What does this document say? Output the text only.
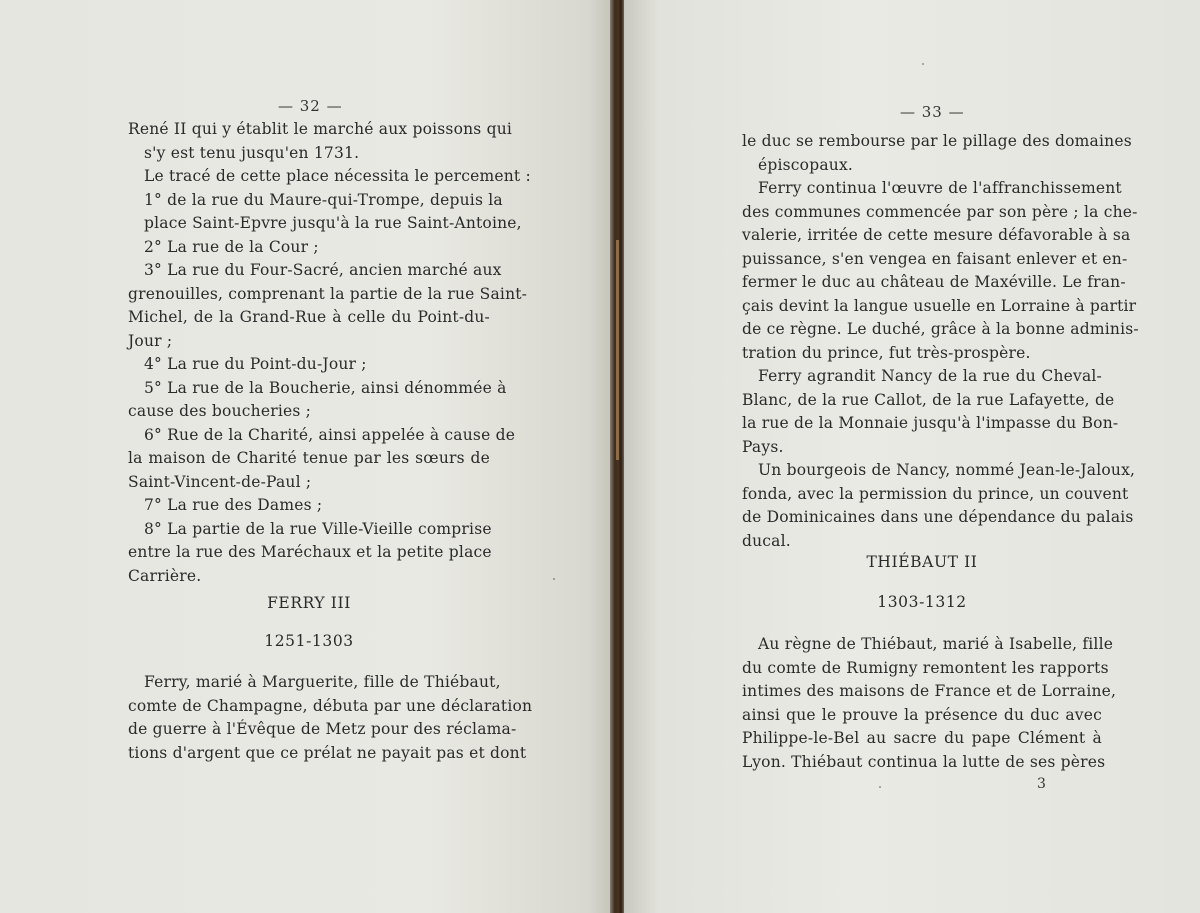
— 32 —
René II qui y établit le marché aux poissons qui
s'y est tenu jusqu'en 1731.
Le tracé de cette place nécessita le percement :
1° de la rue du Maure-qui-Trompe, depuis la
place Saint-Epvre jusqu'à la rue Saint-Antoine,
2° La rue de la Cour ;
3° La rue du Four-Sacré, ancien marché aux
grenouilles, comprenant la partie de la rue Saint-
Michel, de la Grand-Rue à celle du Point-du-
Jour ;
4° La rue du Point-du-Jour ;
5° La rue de la Boucherie, ainsi dénommée à
cause des boucheries ;
6° Rue de la Charité, ainsi appelée à cause de
la maison de Charité tenue par les sœurs de
Saint-Vincent-de-Paul ;
7° La rue des Dames ;
8° La partie de la rue Ville-Vieille comprise
entre la rue des Maréchaux et la petite place
Carrière.
FERRY III
1251-1303
Ferry, marié à Marguerite, fille de Thiébaut,
comte de Champagne, débuta par une déclaration
de guerre à l'Évêque de Metz pour des réclama-
tions d'argent que ce prélat ne payait pas et dont
— 33 —
le duc se rembourse par le pillage des domaines
épiscopaux.
Ferry continua l'œuvre de l'affranchissement
des communes commencée par son père ; la che-
valerie, irritée de cette mesure défavorable à sa
puissance, s'en vengea en faisant enlever et en-
fermer le duc au château de Maxéville. Le fran-
çais devint la langue usuelle en Lorraine à partir
de ce règne. Le duché, grâce à la bonne adminis-
tration du prince, fut très-prospère.
Ferry agrandit Nancy de la rue du Cheval-
Blanc, de la rue Callot, de la rue Lafayette, de
la rue de la Monnaie jusqu'à l'impasse du Bon-
Pays.
Un bourgeois de Nancy, nommé Jean-le-Jaloux,
fonda, avec la permission du prince, un couvent
de Dominicaines dans une dépendance du palais
ducal.
THIÉBAUT II
1303-1312
Au règne de Thiébaut, marié à Isabelle, fille
du comte de Rumigny remontent les rapports
intimes des maisons de France et de Lorraine,
ainsi que le prouve la présence du duc avec
Philippe-le-Bel au sacre du pape Clément à
Lyon. Thiébaut continua la lutte de ses pères
3
